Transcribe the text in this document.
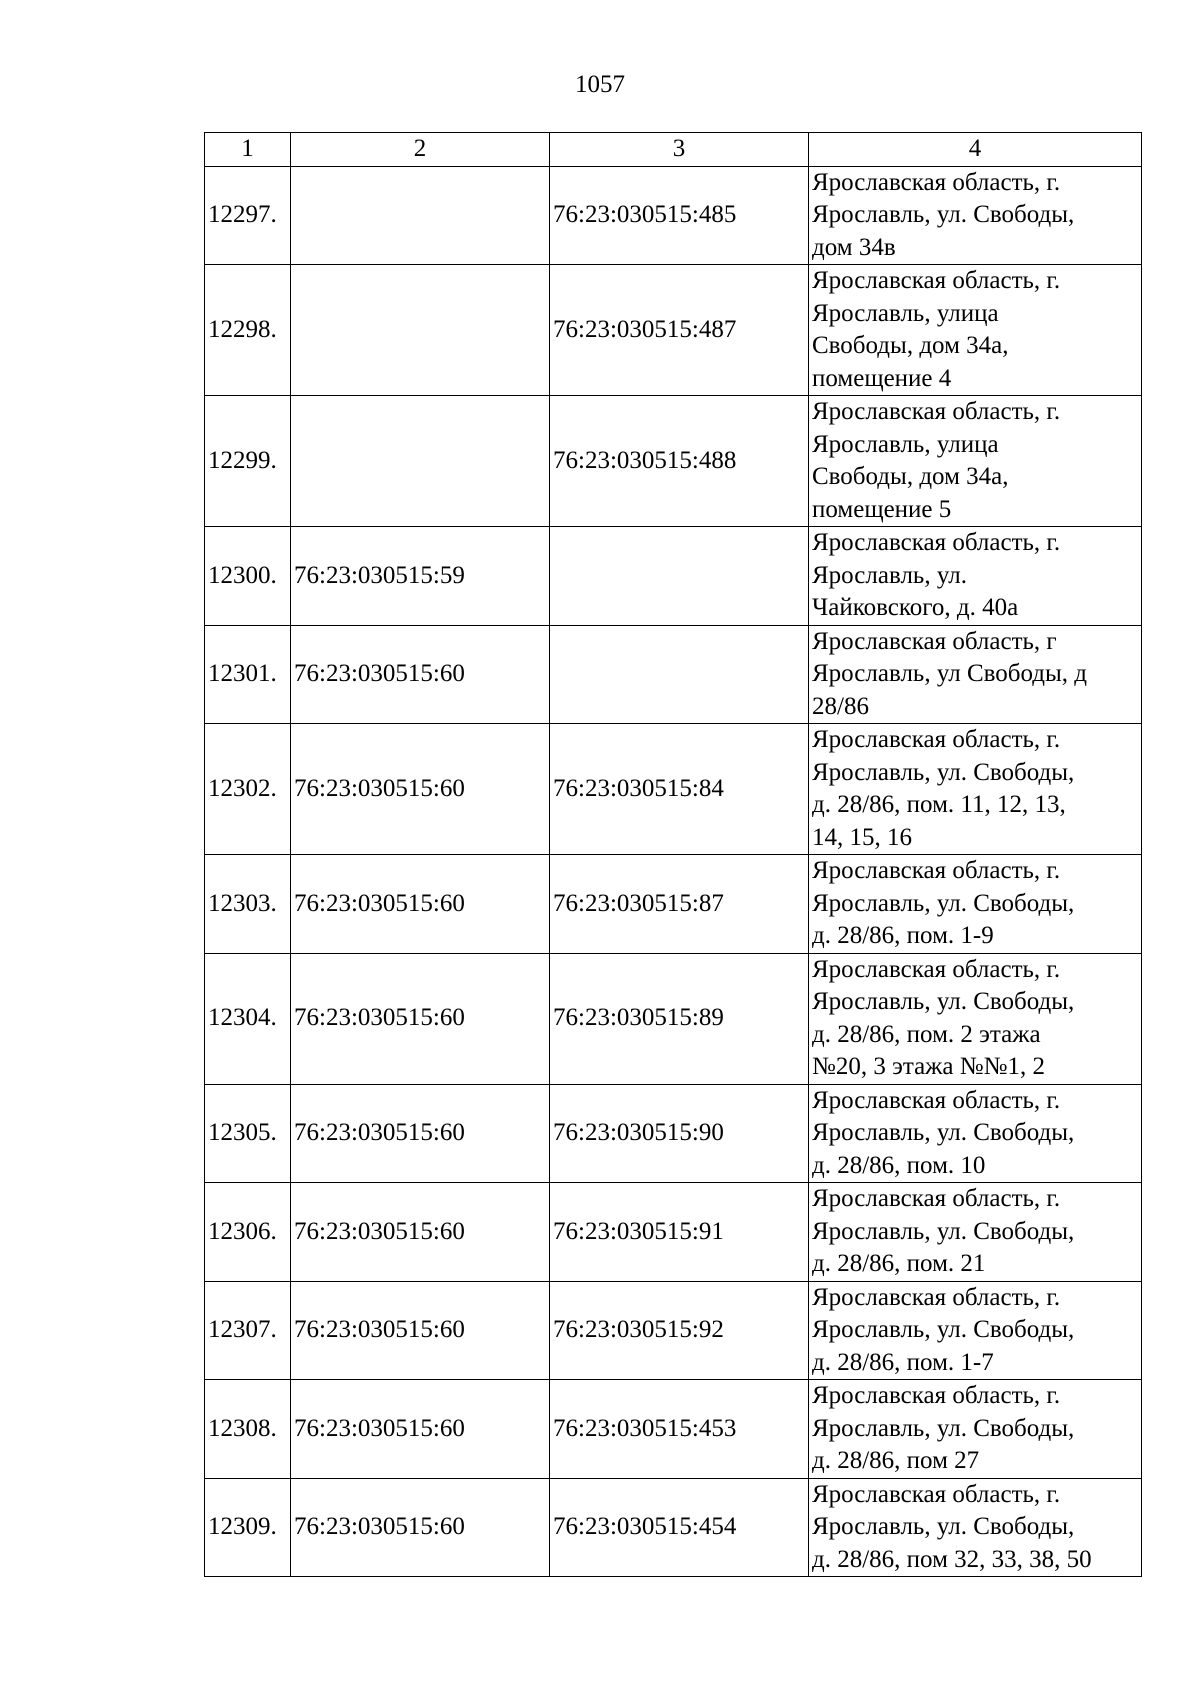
1057
1	2	3	4
12297.		76:23:030515:485	Ярославская область, г.
Ярославль, ул. Свободы,
дом 34в

12298.		76:23:030515:487	Ярославская область, г.
Ярославль, улица
Свободы, дом 34а,
помещение 4

12299.		76:23:030515:488	Ярославская область, г.
Ярославль, улица
Свободы, дом 34а,
помещение 5

12300.	76:23:030515:59		Ярославская область, г.
Ярославль, ул.
Чайковского, д. 40а

12301.	76:23:030515:60		Ярославская область, г
Ярославль, ул Свободы, д
28/86

12302.	76:23:030515:60	76:23:030515:84	Ярославская область, г.
Ярославль, ул. Свободы,
д. 28/86, пом. 11, 12, 13,
14, 15, 16

12303.	76:23:030515:60	76:23:030515:87	Ярославская область, г.
Ярославль, ул. Свободы,
д. 28/86, пом. 1-9

12304.	76:23:030515:60	76:23:030515:89	Ярославская область, г.
Ярославль, ул. Свободы,
д. 28/86, пом. 2 этажа
№20, 3 этажа №№1, 2

12305.	76:23:030515:60	76:23:030515:90	Ярославская область, г.
Ярославль, ул. Свободы,
д. 28/86, пом. 10

12306.	76:23:030515:60	76:23:030515:91	Ярославская область, г.
Ярославль, ул. Свободы,
д. 28/86, пом. 21

12307.	76:23:030515:60	76:23:030515:92	Ярославская область, г.
Ярославль, ул. Свободы,
д. 28/86, пом. 1-7

12308.	76:23:030515:60	76:23:030515:453	Ярославская область, г.
Ярославль, ул. Свободы,
д. 28/86, пом 27

12309.	76:23:030515:60	76:23:030515:454	Ярославская область, г.
Ярославль, ул. Свободы,
д. 28/86, пом 32, 33, 38, 50
